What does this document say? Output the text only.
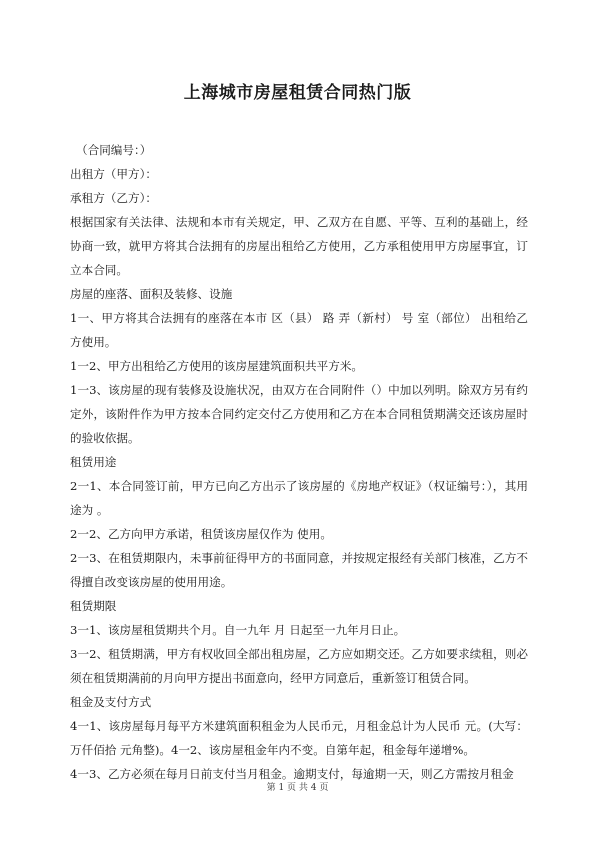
上海城市房屋租赁合同热门版

（合同编号：）

出租方（甲方）：

承租方（乙方）：

根据国家有关法律、法规和本市有关规定，甲、乙双方在自愿、平等、互利的基础上，经协商一致，就甲方将其合法拥有的房屋出租给乙方使用，乙方承租使用甲方房屋事宜，订立本合同。

房屋的座落、面积及装修、设施

1一、甲方将其合法拥有的座落在本市 区（县） 路 弄（新村） 号 室（部位） 出租给乙方使用。

1一2、甲方出租给乙方使用的该房屋建筑面积共平方米。

1一3、该房屋的现有装修及设施状况，由双方在合同附件（）中加以列明。除双方另有约定外，该附件作为甲方按本合同约定交付乙方使用和乙方在本合同租赁期满交还该房屋时的验收依据。

租赁用途

2一1、本合同签订前，甲方已向乙方出示了该房屋的《房地产权证》（权证编号：），其用途为 。

2一2、乙方向甲方承诺，租赁该房屋仅作为 使用。

2一3、在租赁期限内，未事前征得甲方的书面同意，并按规定报经有关部门核准，乙方不得擅自改变该房屋的使用用途。

租赁期限

3一1、该房屋租赁期共个月。自一九年 月 日起至一九年月日止。

3一2、租赁期满，甲方有权收回全部出租房屋，乙方应如期交还。乙方如要求续租，则必须在租赁期满前的月向甲方提出书面意向，经甲方同意后，重新签订租赁合同。

租金及支付方式

4一1、该房屋每月每平方米建筑面积租金为人民币元，月租金总计为人民币 元。(大写：万仟佰拾 元角整)。4一2、该房屋租金年内不变。自第年起，租金每年递增%。

4一3、乙方必须在每月日前支付当月租金。逾期支付，每逾期一天，则乙方需按月租金

第 1 页 共 4 页
